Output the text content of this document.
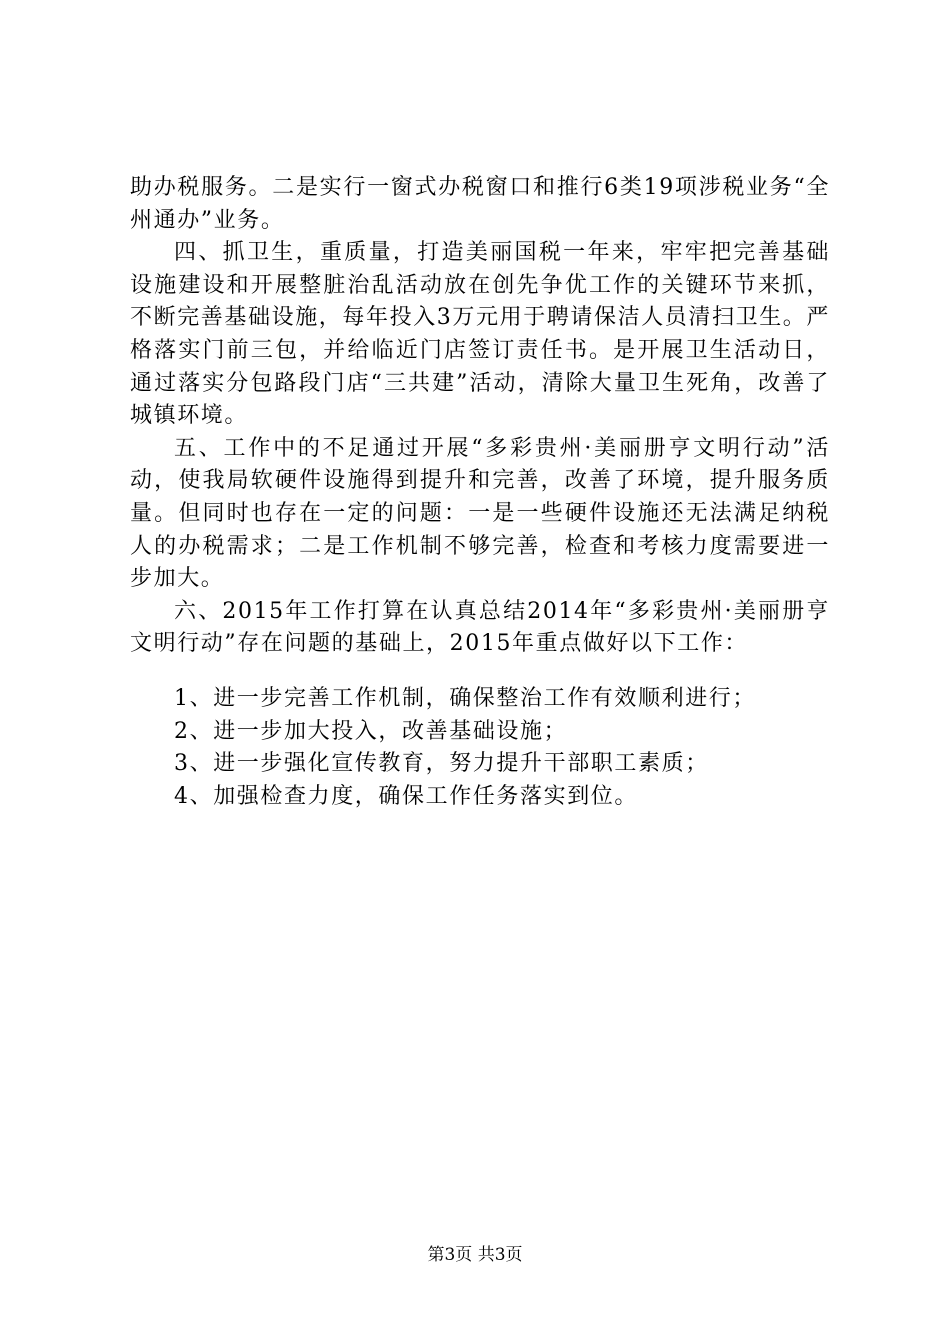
助办税服务。二是实行一窗式办税窗口和推行6类19项涉税业务“全州通办”业务。

四、抓卫生，重质量，打造美丽国税一年来，牢牢把完善基础设施建设和开展整脏治乱活动放在创先争优工作的关键环节来抓，不断完善基础设施，每年投入3万元用于聘请保洁人员清扫卫生。严格落实门前三包，并给临近门店签订责任书。是开展卫生活动日，通过落实分包路段门店“三共建”活动，清除大量卫生死角，改善了城镇环境。

五、工作中的不足通过开展“多彩贵州·美丽册亨文明行动”活动，使我局软硬件设施得到提升和完善，改善了环境，提升服务质量。但同时也存在一定的问题：一是一些硬件设施还无法满足纳税人的办税需求；二是工作机制不够完善，检查和考核力度需要进一步加大。

六、2015年工作打算在认真总结2014年“多彩贵州·美丽册亨文明行动”存在问题的基础上，2015年重点做好以下工作：

1、进一步完善工作机制，确保整治工作有效顺利进行；
2、进一步加大投入，改善基础设施；
3、进一步强化宣传教育，努力提升干部职工素质；
4、加强检查力度，确保工作任务落实到位。
第3页 共3页
